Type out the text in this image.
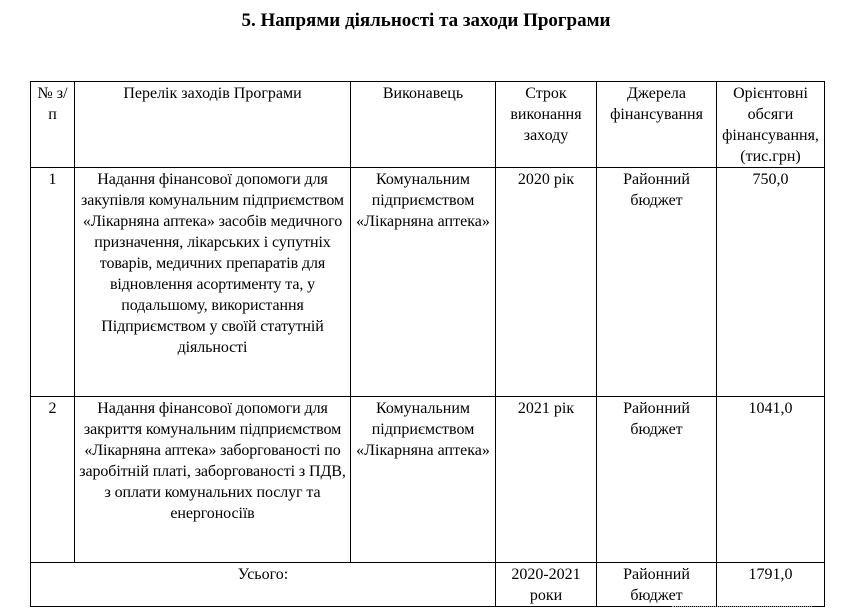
5. Напрями діяльності та заходи Програми
№ з/п	Перелік заходів Програми	Виконавець	Строк виконання заходу	Джерела фінансування	Орієнтовні обсяги фінансування, (тис.грн)
1	Надання фінансової допомоги для закупівля комунальним підприємством «Лікарняна аптека» засобів медичного призначення, лікарських і супутніх товарів, медичних препаратів для відновлення асортименту та, у подальшому, використання Підприємством у своїй статутній діяльності	Комунальним підприємством «Лікарняна аптека»	2020 рік	Районний бюджет	750,0
2	Надання фінансової допомоги для закриття комунальним підприємством «Лікарняна аптека» заборгованості по заробітній платі, заборгованості з ПДВ, з оплати комунальних послуг та енергоносіїв	Комунальним підприємством «Лікарняна аптека»	2021 рік	Районний бюджет	1041,0
Усього:			2020-2021 роки	Районний бюджет	1791,0
